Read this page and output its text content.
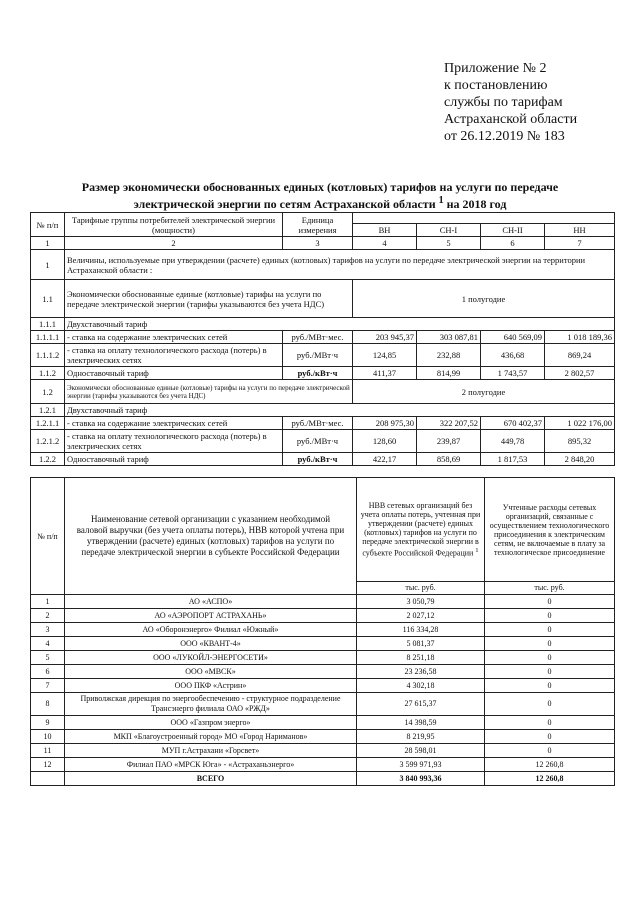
Приложение № 2
к постановлению
службы по тарифам
Астраханской области
от 26.12.2019 № 183
Размер экономически обоснованных единых (котловых) тарифов на услуги по передаче
электрической энергии по сетям Астраханской области $^1$ на 2018 год
№ п/п	Тарифные группы потребителей электрической энергии (мощности)	Единица измерения				
			ВН	СН-I	СН-II	НН
1	2	3	4	5	6	7
1	Величины, используемые при утверждении (расчете) единых (котловых) тарифов на услуги по передаче электрической энергии на территории Астраханской области :					
1.1	Экономически обоснованные единые (котловые) тарифы на услуги по передаче электрической энергии (тарифы указываются без учета НДС)		1 полугодие			
1.1.1	Двухставочный тариф					
1.1.1.1	- ставка на содержание электрических сетей	руб./МВт·мес.	203 945,37	303 087,81	640 569,09	1 018 189,36
1.1.1.2	- ставка на оплату технологического расхода (потерь) в электрических сетях	руб./МВт·ч	124,85	232,88	436,68	869,24
1.1.2	Одноставочный тариф	руб./кВт·ч	411,37	814,99	1 743,57	2 802,57
1.2	Экономически обоснованные единые (котловые) тарифы на услуги по передаче электрической энергии (тарифы указываются без учета НДС)		2 полугодие			
1.2.1	Двухставочный тариф					
1.2.1.1	- ставка на содержание электрических сетей	руб./МВт·мес.	208 975,30	322 207,52	670 402,37	1 022 176,00
1.2.1.2	- ставка на оплату технологического расхода (потерь) в электрических сетях	руб./МВт·ч	128,60	239,87	449,78	895,32
1.2.2	Одноставочный тариф	руб./кВт·ч	422,17	858,69	1 817,53	2 848,20
№ п/п	Наименование сетевой организации с указанием необходимой валовой выручки (без учета оплаты потерь), НВВ которой учтена при утверждении (расчете) единых (котловых) тарифов на услуги по передаче электрической энергии в субъекте Российской Федерации	НВВ сетевых организаций без учета оплаты потерь, учтенная при утверждении (расчете) единых (котловых) тарифов на услуги по передаче электрической энергии в субъекте Российской Федерации $^1$	Учтенные расходы сетевых организаций, связанные с осуществлением технологического присоединения к электрическим сетям, не включаемые в плату за технологическое присоединение
		тыс. руб.	тыс. руб.
1	АО «АСПО»	3 050,79	0
2	АО «АЭРОПОРТ АСТРАХАНЬ»	2 027,12	0
3	АО «Оборонэнерго» Филиал «Южный»	116 334,28	0
4	ООО «КВАНТ-4»	5 081,37	0
5	ООО «ЛУКОЙЛ-ЭНЕРГОСЕТИ»	8 251,18	0
6	ООО «МВСК»	23 236,58	0
7	ООО ПКФ «Астрин»	4 302,18	0
8	Приволжская дирекция по энергообеспечению - структурное подразделение Трансэнерго филиала ОАО «РЖД»	27 615,37	0
9	ООО «Газпром энерго»	14 398,59	0
10	МКП «Благоустроенный город» МО «Город Нариманов»	8 219,95	0
11	МУП г.Астрахани «Горсвет»	28 598,01	0
12	Филиал ПАО «МРСК Юга» - «Астраханьэнерго»	3 599 971,93	12 260,8
	ВСЕГО	3 840 993,36	12 260,8
